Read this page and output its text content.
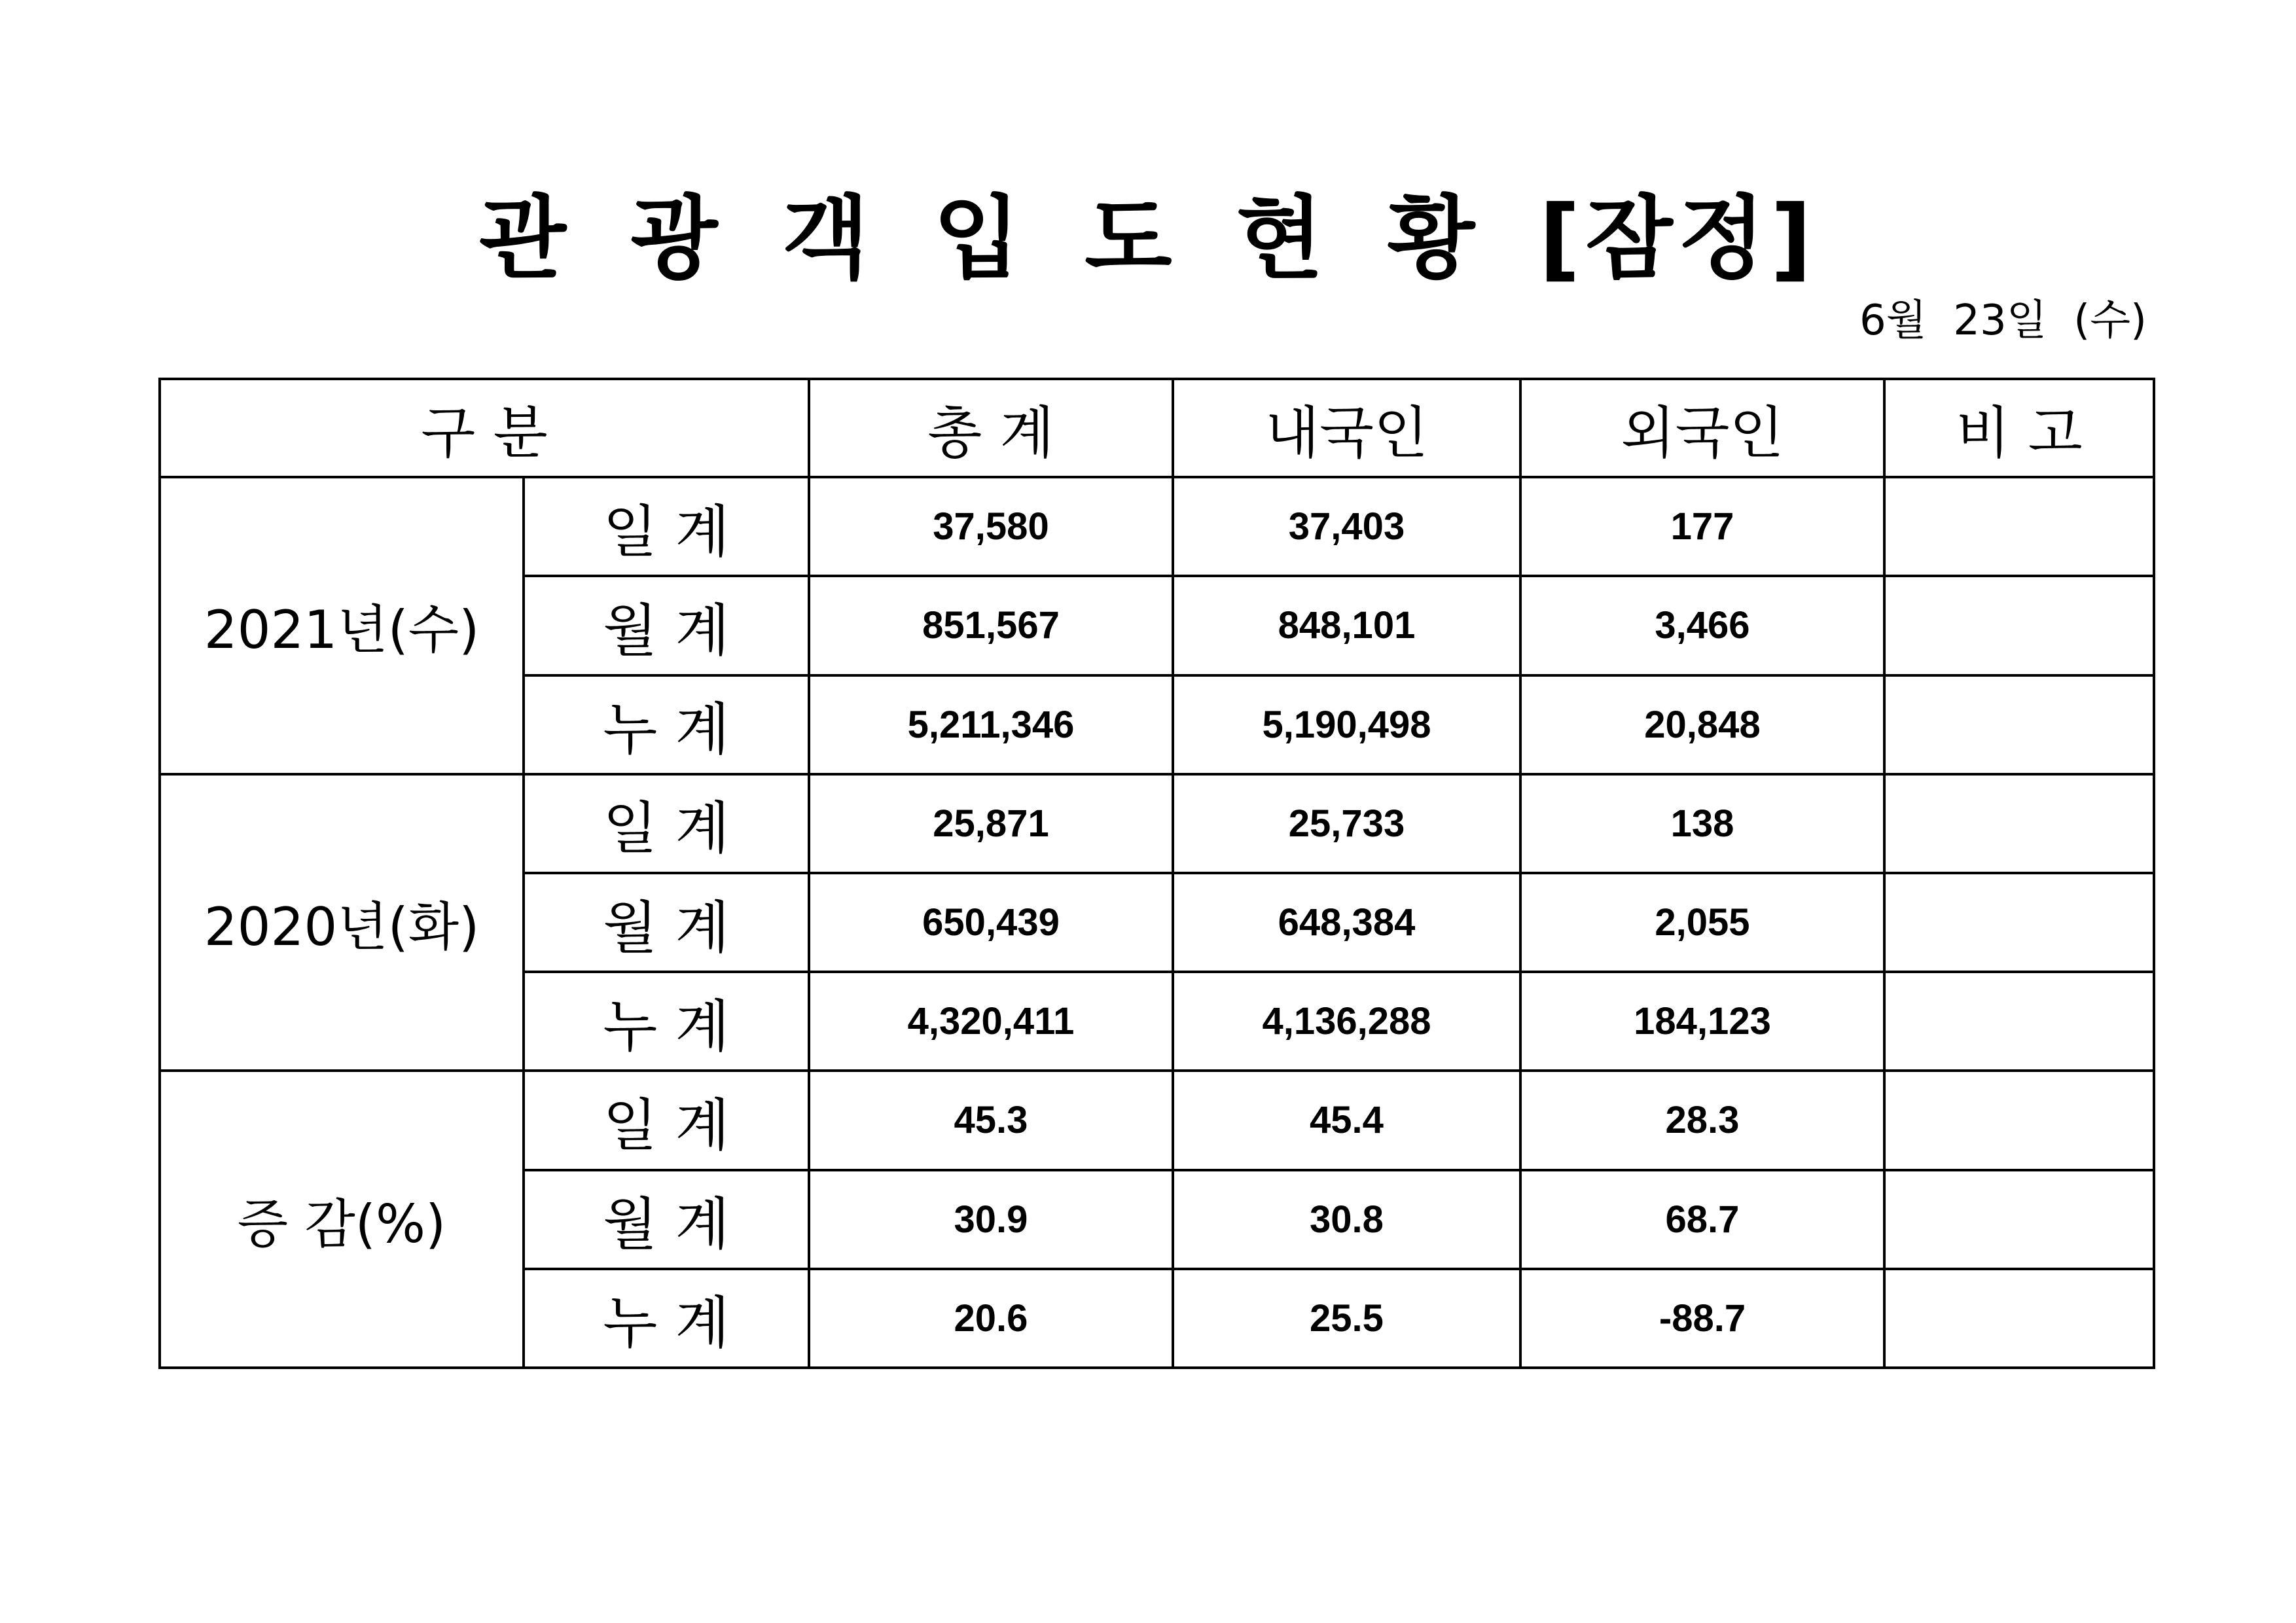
관 광 객 입 도 현 황 [잠정]
6월  23일  (수)
구 분		총 계	내국인	외국인	비 고
2021년(수)	일 계	37,580	37,403	177	
	월 계	851,567	848,101	3,466	
	누 계	5,211,346	5,190,498	20,848	
2020년(화)	일 계	25,871	25,733	138	
	월 계	650,439	648,384	2,055	
	누 계	4,320,411	4,136,288	184,123	
증 감(%)	일 계	45.3	45.4	28.3	
	월 계	30.9	30.8	68.7	
	누 계	20.6	25.5	-88.7	
